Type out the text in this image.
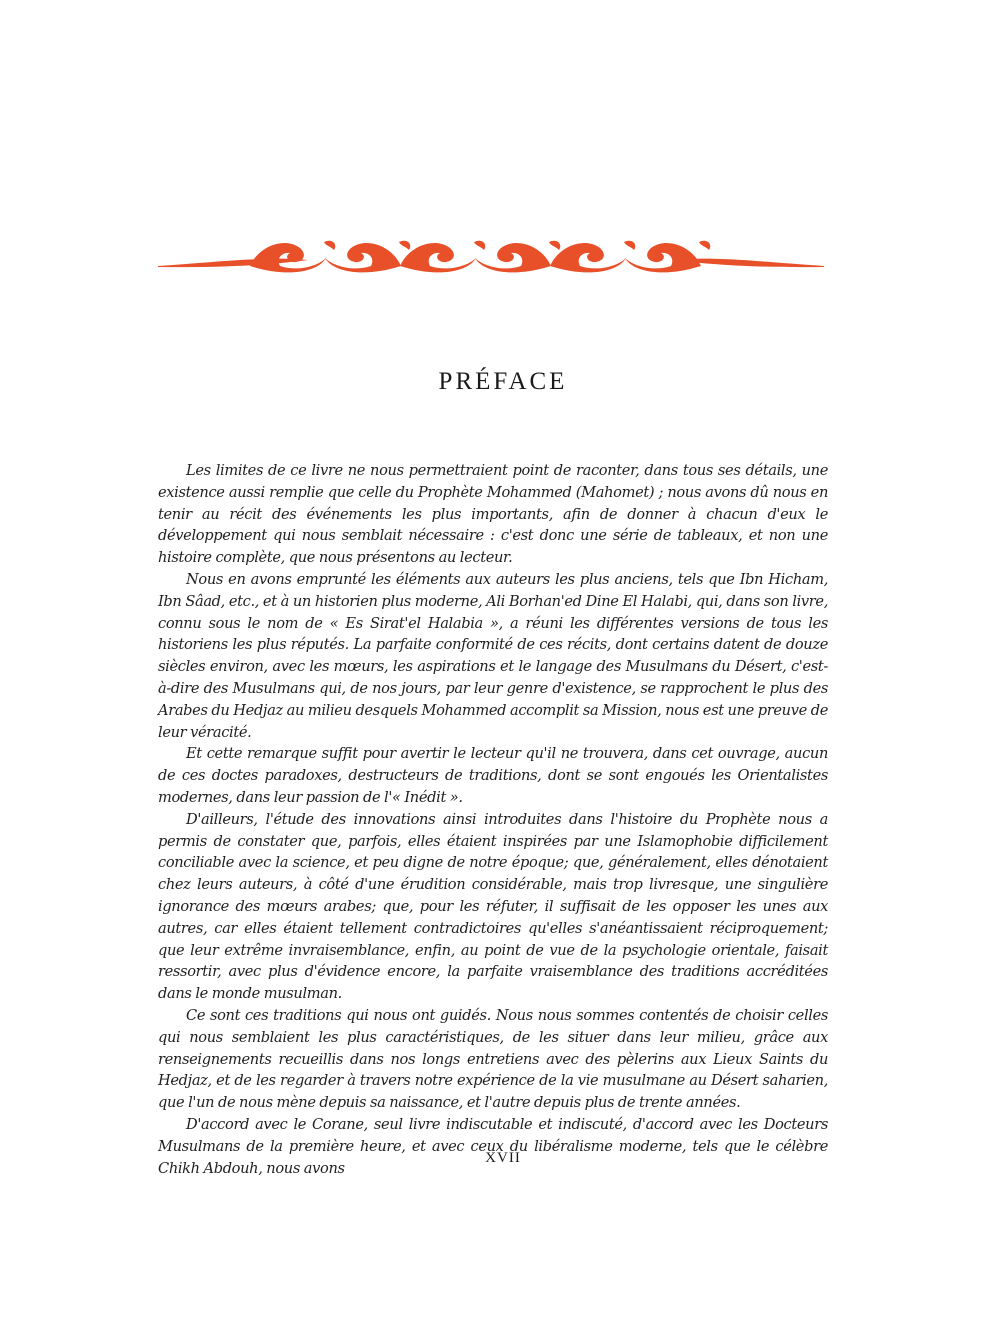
PRÉFACE

Les limites de ce livre ne nous permettraient point de raconter, dans tous ses détails, une existence aussi remplie que celle du Prophète Mohammed (Mahomet) ; nous avons dû nous en tenir au récit des événements les plus importants, afin de donner à chacun d'eux le développement qui nous semblait nécessaire : c'est donc une série de tableaux, et non une histoire complète, que nous présentons au lecteur.

Nous en avons emprunté les éléments aux auteurs les plus anciens, tels que Ibn Hicham, Ibn Sâad, etc., et à un historien plus moderne, Ali Borhan'ed Dine El Halabi, qui, dans son livre, connu sous le nom de « Es Sirat'el Halabia », a réuni les différentes versions de tous les historiens les plus réputés. La parfaite conformité de ces récits, dont certains datent de douze siècles environ, avec les mœurs, les aspirations et le langage des Musulmans du Désert, c'est-à-dire des Musulmans qui, de nos jours, par leur genre d'existence, se rapprochent le plus des Arabes du Hedjaz au milieu desquels Mohammed accomplit sa Mission, nous est une preuve de leur véracité.

Et cette remarque suffit pour avertir le lecteur qu'il ne trouvera, dans cet ouvrage, aucun de ces doctes paradoxes, destructeurs de traditions, dont se sont engoués les Orientalistes modernes, dans leur passion de l'« Inédit ».

D'ailleurs, l'étude des innovations ainsi introduites dans l'histoire du Prophète nous a permis de constater que, parfois, elles étaient inspirées par une Islamophobie difficilement conciliable avec la science, et peu digne de notre époque; que, généralement, elles dénotaient chez leurs auteurs, à côté d'une érudition considérable, mais trop livresque, une singulière ignorance des mœurs arabes; que, pour les réfuter, il suffisait de les opposer les unes aux autres, car elles étaient tellement contradictoires qu'elles s'anéantissaient réciproquement; que leur extrême invraisemblance, enfin, au point de vue de la psychologie orientale, faisait ressortir, avec plus d'évidence encore, la parfaite vraisemblance des traditions accréditées dans le monde musulman.

Ce sont ces traditions qui nous ont guidés. Nous nous sommes contentés de choisir celles qui nous semblaient les plus caractéristiques, de les situer dans leur milieu, grâce aux renseignements recueillis dans nos longs entretiens avec des pèlerins aux Lieux Saints du Hedjaz, et de les regarder à travers notre expérience de la vie musulmane au Désert saharien, que l'un de nous mène depuis sa naissance, et l'autre depuis plus de trente années.

D'accord avec le Corane, seul livre indiscutable et indiscuté, d'accord avec les Docteurs Musulmans de la première heure, et avec ceux du libéralisme moderne, tels que le célèbre Chikh Abdouh, nous avons

XVII
